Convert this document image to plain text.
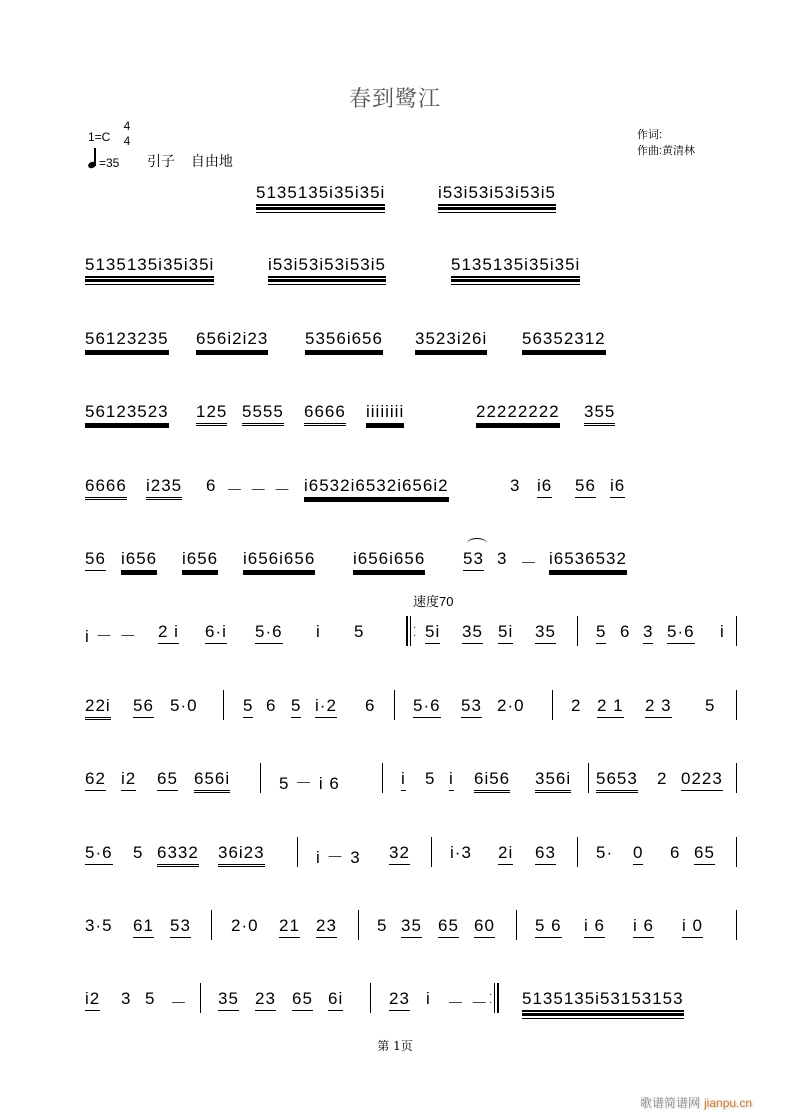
春到鹭江
1=C
4
4
=35 引子 自由地
作词:
作曲:黄清林
5135135i35i35i	i53i53i53i53i5
5135135i35i35i	i53i53i53i53i5	5135135i35i35i
56123235 656i2i23 5356i656 3523i26i 56352312
56123523 125 5555 6666 iiiiiiii	22222222 355
6666 i235 6 － － － i6532i6532i656i2	3 i6 56 i6
56 i656 i656 i656i656 i656i656 53 3 － i6536532
速度70
i － － 2 i 6·i 5·6 i 5	·
· 5i 35 5i 35 5 6 3 5·6 i
22i 56 5·0	5 6 5 i·2 6 5·6 53 2·0	2 2 1 2 3 5
62 i2 65 656i	5 － i 6	i 5 i 6i56 356i 5653 2 0223
5·6 5 6332 36i23	i － 3 32 i·3 2i 63 5· 0 6 65
3·5 61 53 2·0 21 23 5 35 65 60 5 6 i 6 i 6 i 0
i2 3 5 － 35 23 65 6i	23 i － － ·
· 5135135i53153153
第 1页
歌谱简谱网 jianpu.cn
